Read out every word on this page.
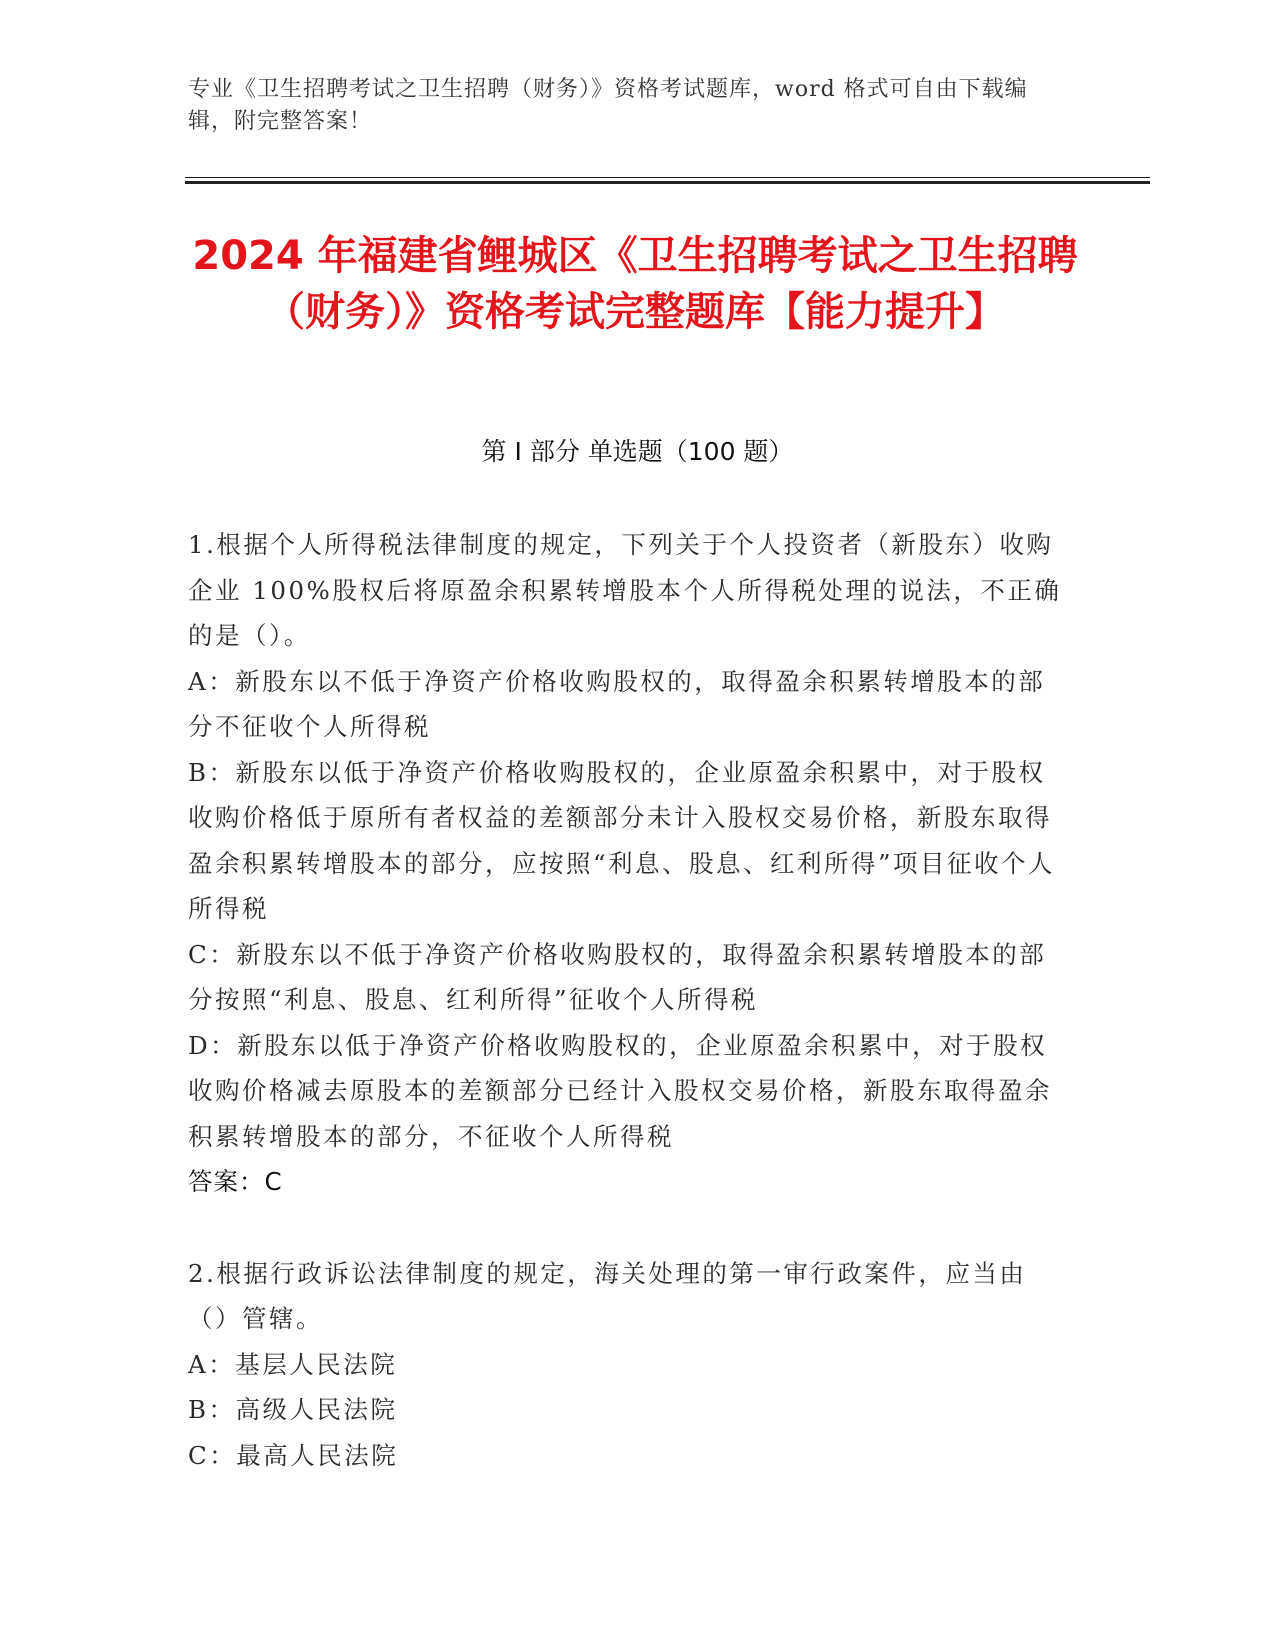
专业《卫生招聘考试之卫生招聘（财务）》资格考试题库，word 格式可自由下载编辑，附完整答案！
2024 年福建省鲤城区《卫生招聘考试之卫生招聘（财务）》资格考试完整题库【能力提升】
第 I 部分 单选题（100 题）

1.根据个人所得税法律制度的规定，下列关于个人投资者（新股东）收购企业 100%股权后将原盈余积累转增股本个人所得税处理的说法，不正确的是（）。

A：新股东以不低于净资产价格收购股权的，取得盈余积累转增股本的部分不征收个人所得税

B：新股东以低于净资产价格收购股权的，企业原盈余积累中，对于股权收购价格低于原所有者权益的差额部分未计入股权交易价格，新股东取得盈余积累转增股本的部分，应按照“利息、股息、红利所得”项目征收个人所得税

C：新股东以不低于净资产价格收购股权的，取得盈余积累转增股本的部分按照“利息、股息、红利所得”征收个人所得税

D：新股东以低于净资产价格收购股权的，企业原盈余积累中，对于股权收购价格减去原股本的差额部分已经计入股权交易价格，新股东取得盈余积累转增股本的部分，不征收个人所得税

答案：C

2.根据行政诉讼法律制度的规定，海关处理的第一审行政案件，应当由（）管辖。

A：基层人民法院

B：高级人民法院

C：最高人民法院
